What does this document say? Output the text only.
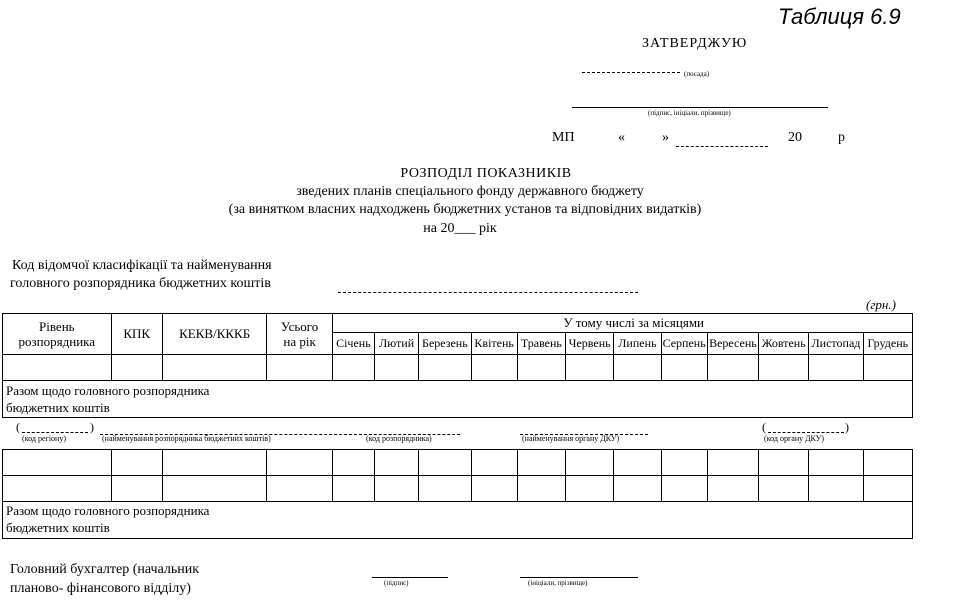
Таблиця 6.9
ЗАТВЕРДЖУЮ
(посада)
(підпис, ініціали, прізвище)
МП	«	»	20	р
РОЗПОДІЛ ПОКАЗНИКІВ
зведених планів спеціального фонду державного бюджету
(за винятком власних надходжень бюджетних установ та відповідних видатків)
на 20___ рік
Код відомчої класифікації та найменування
головного розпорядника бюджетних коштів
(грн.)
Рівень розпорядника	КПК	КЕКВ/КККБ	Усього на рік	У тому числі за місяцями											
				Січень	Лютий	Березень	Квітень	Травень	Червень	Липень	Серпень	Вересень	Жовтень	Листопад	Грудень

Разом щодо головного розпорядника бюджетних коштів
(	)	(	)
(код регіону)	(найменування розпорядника бюджетних коштів)	(код розпорядника)	(найменування органу ДКУ)	(код органу ДКУ)

Разом щодо головного розпорядника бюджетних коштів
Головний бухгалтер (начальник
планово- фінансового відділу)	(підпис)	(ініціали, прізвище)
